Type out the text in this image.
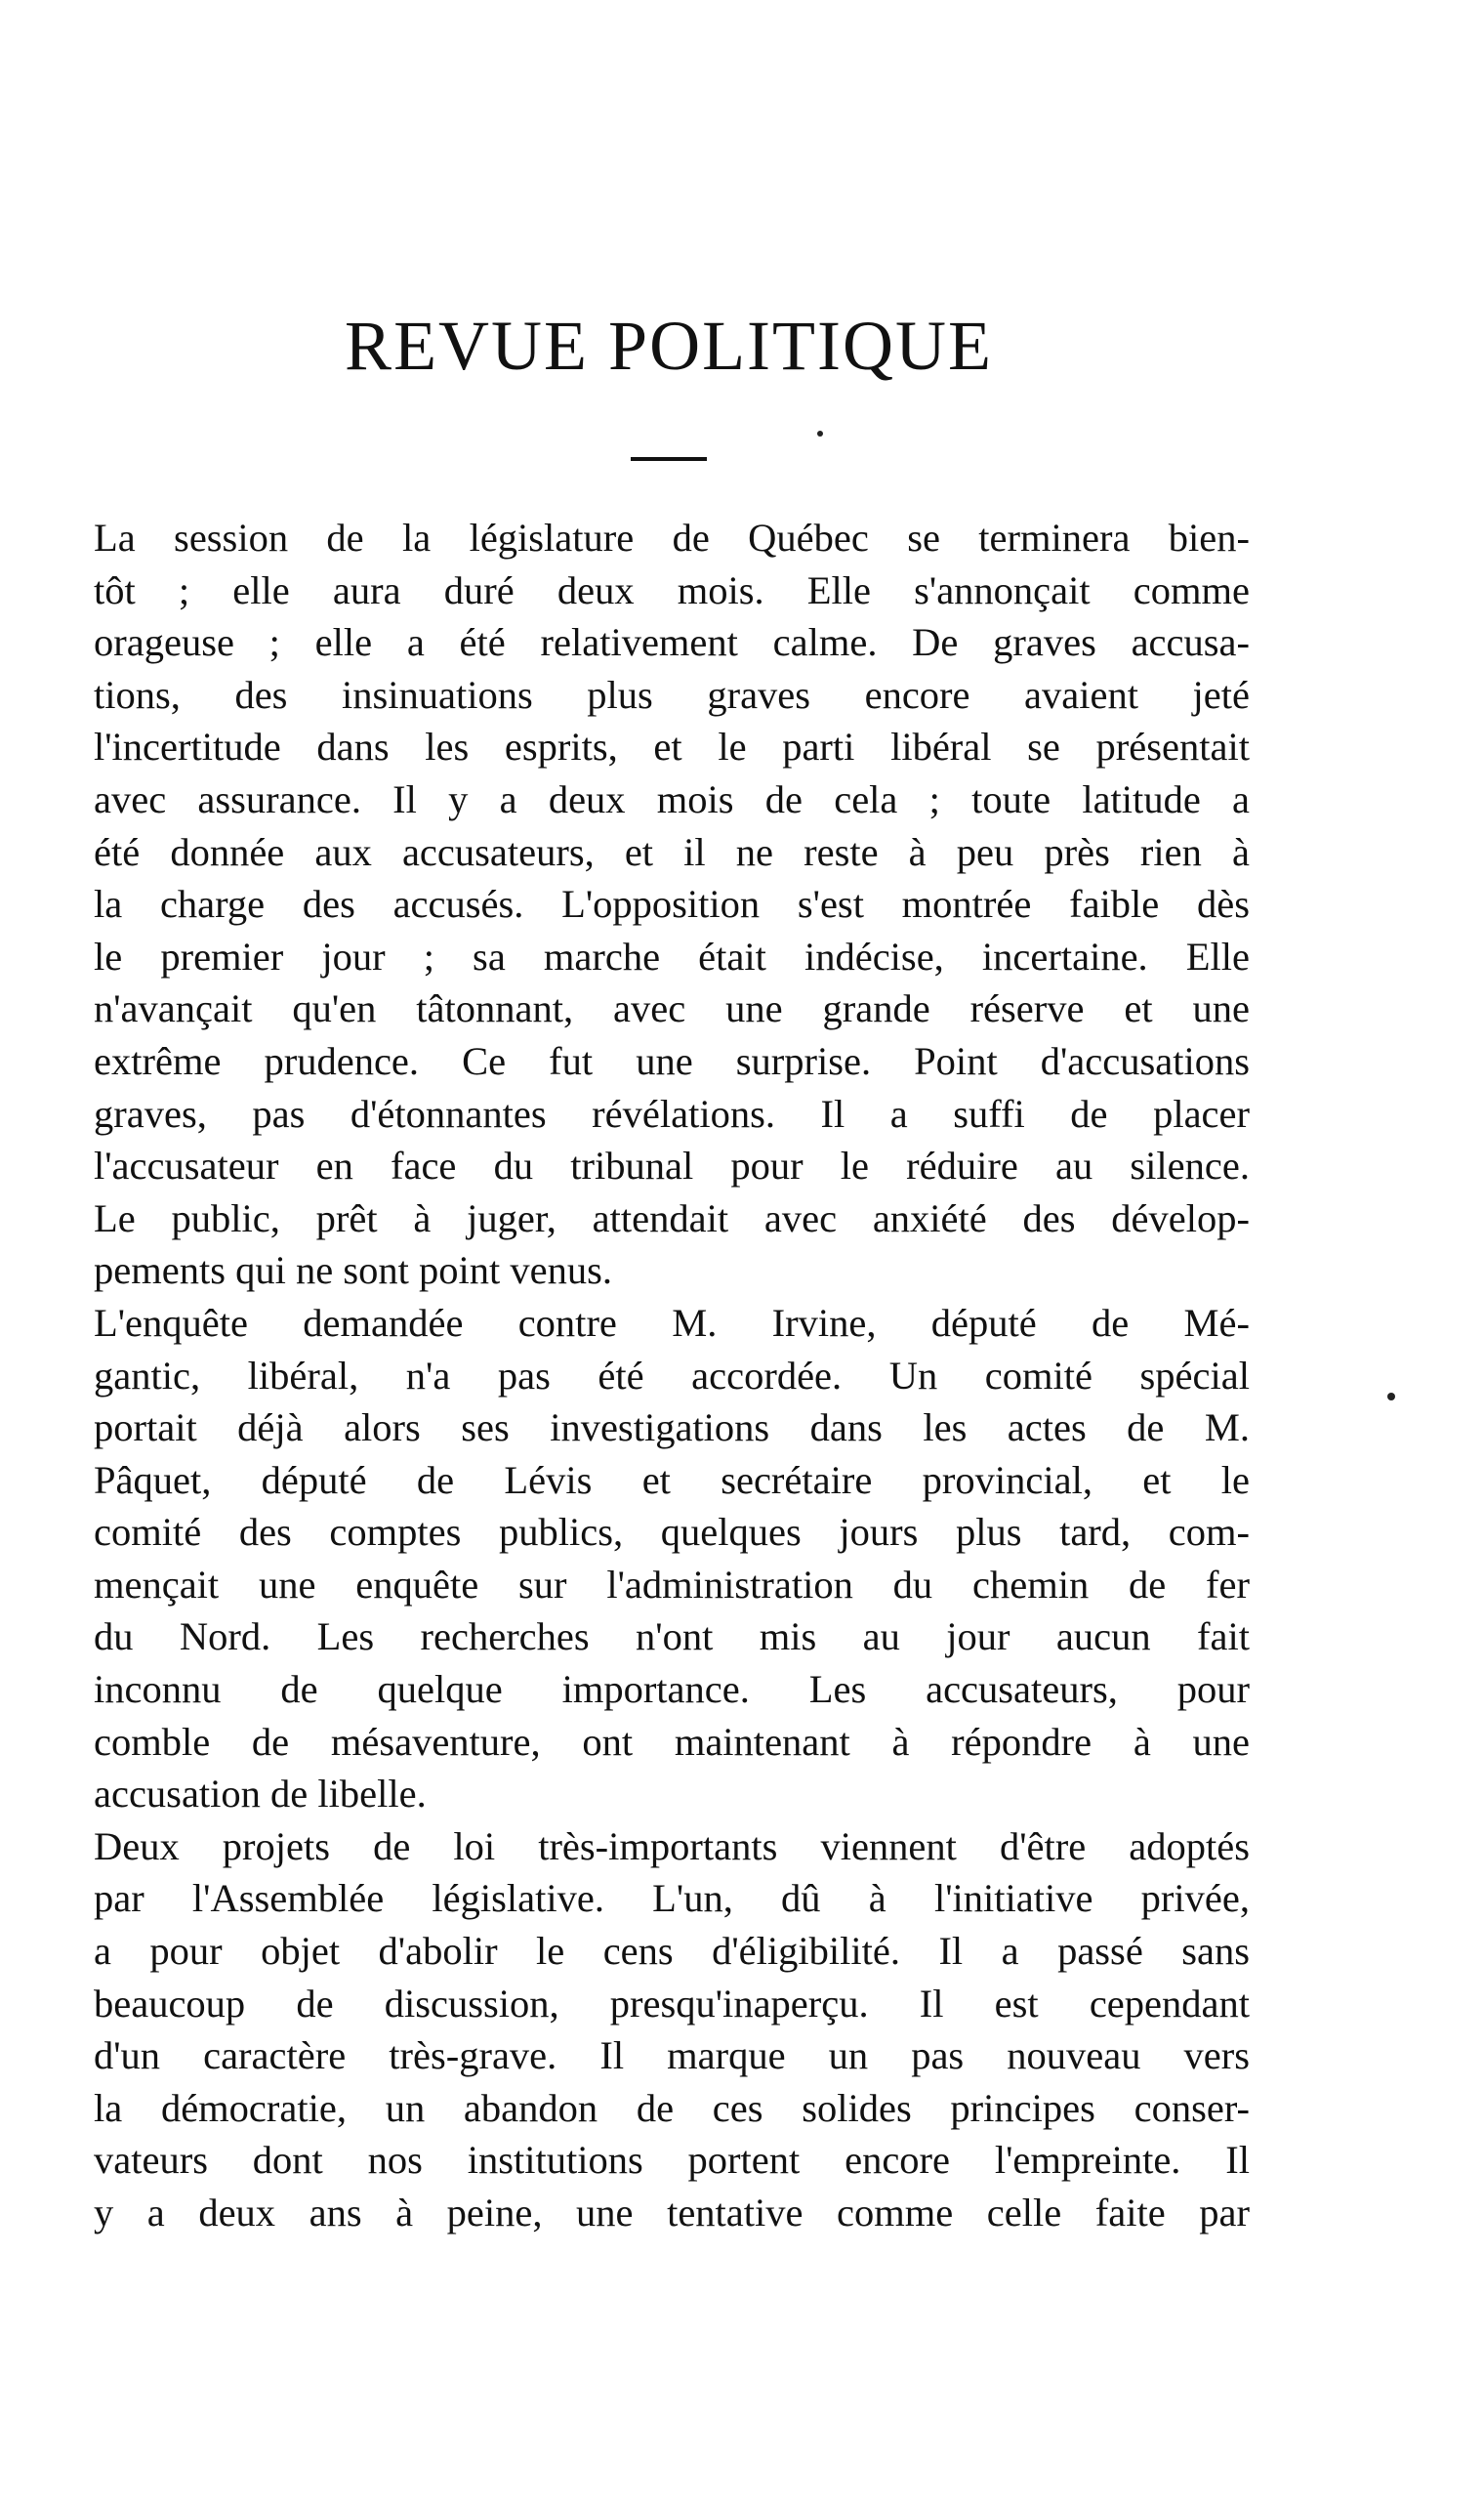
REVUE POLITIQUE

La session de la législature de Québec se terminera bien-
tôt ; elle aura duré deux mois. Elle s'annonçait comme
orageuse ; elle a été relativement calme. De graves accusa-
tions, des insinuations plus graves encore avaient jeté
l'incertitude dans les esprits, et le parti libéral se présentait
avec assurance. Il y a deux mois de cela ; toute latitude a
été donnée aux accusateurs, et il ne reste à peu près rien à
la charge des accusés. L'opposition s'est montrée faible dès
le premier jour ; sa marche était indécise, incertaine. Elle
n'avançait qu'en tâtonnant, avec une grande réserve et une
extrême prudence. Ce fut une surprise. Point d'accusations
graves, pas d'étonnantes révélations. Il a suffi de placer
l'accusateur en face du tribunal pour le réduire au silence.
Le public, prêt à juger, attendait avec anxiété des dévelop-
pements qui ne sont point venus.

L'enquête demandée contre M. Irvine, député de Mé-
gantic, libéral, n'a pas été accordée. Un comité spécial
portait déjà alors ses investigations dans les actes de M.
Pâquet, député de Lévis et secrétaire provincial, et le
comité des comptes publics, quelques jours plus tard, com-
mençait une enquête sur l'administration du chemin de fer
du Nord. Les recherches n'ont mis au jour aucun fait
inconnu de quelque importance. Les accusateurs, pour
comble de mésaventure, ont maintenant à répondre à une
accusation de libelle.

Deux projets de loi très-importants viennent d'être adoptés
par l'Assemblée législative. L'un, dû à l'initiative privée,
a pour objet d'abolir le cens d'éligibilité. Il a passé sans
beaucoup de discussion, presqu'inaperçu. Il est cependant
d'un caractère très-grave. Il marque un pas nouveau vers
la démocratie, un abandon de ces solides principes conser-
vateurs dont nos institutions portent encore l'empreinte. Il
y a deux ans à peine, une tentative comme celle faite par
